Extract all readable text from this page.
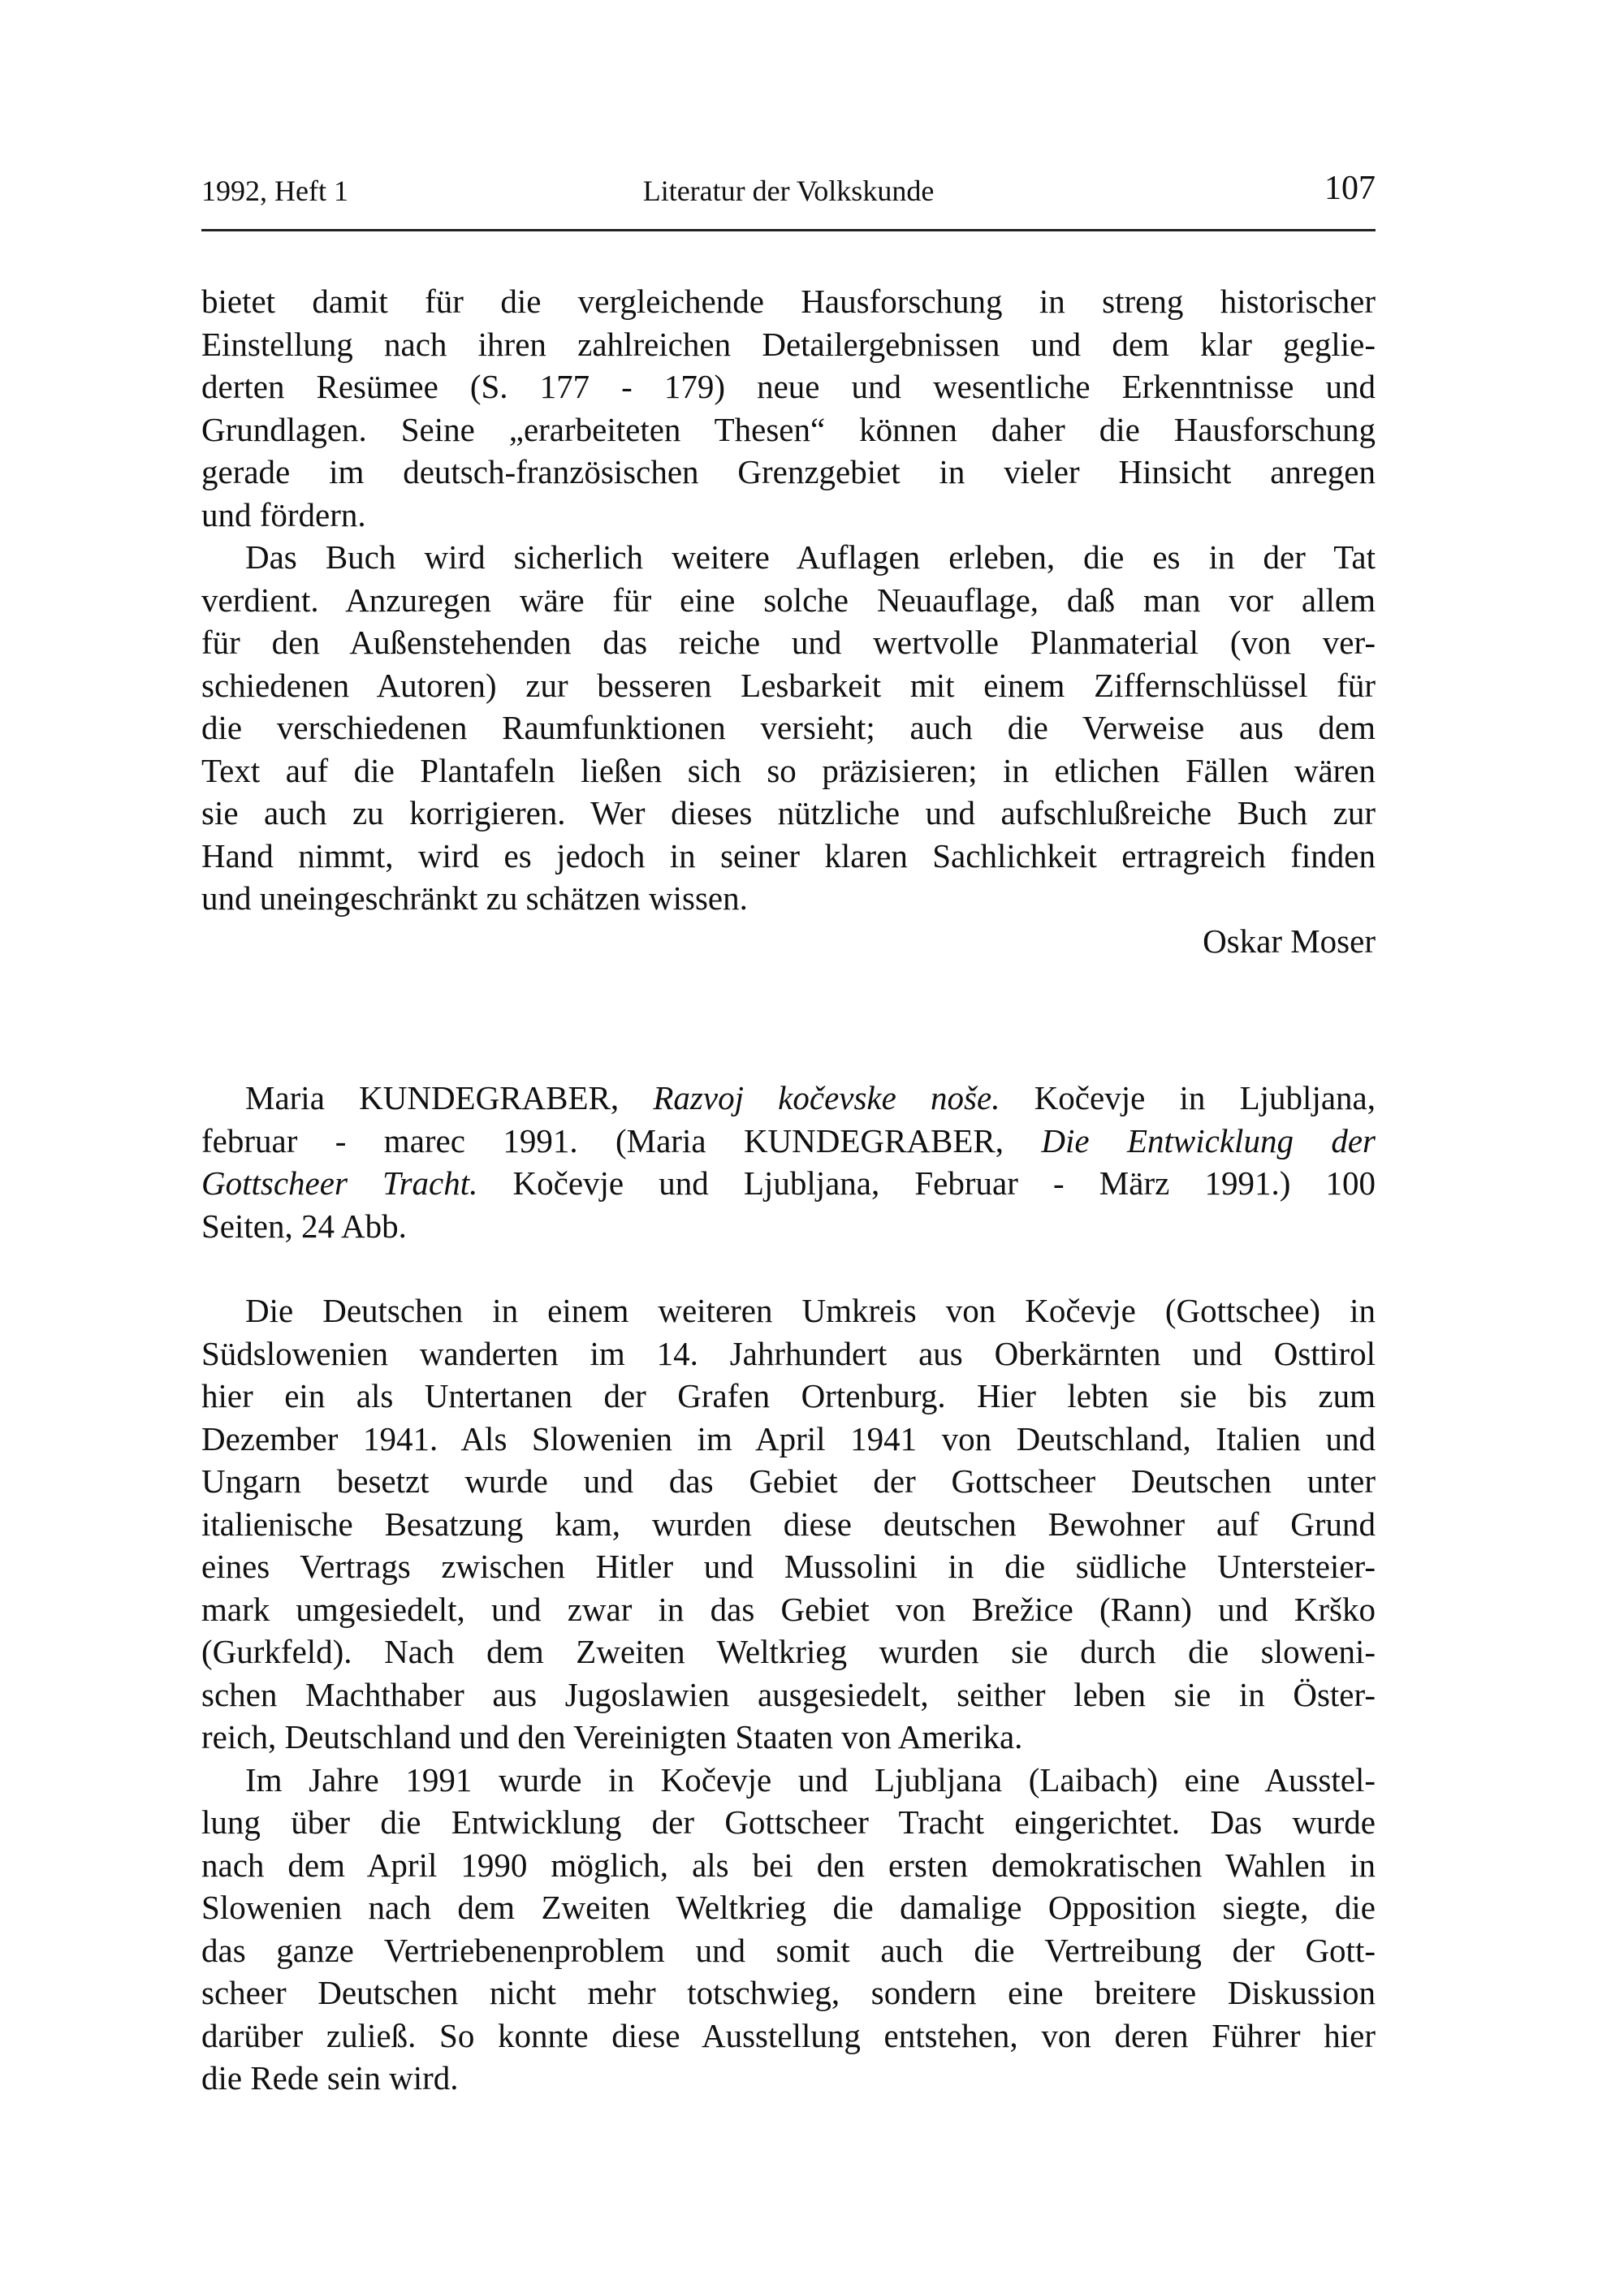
1992, Heft 1	Literatur der Volkskunde	107
bietet damit für die vergleichende Hausforschung in streng historischer
Einstellung nach ihren zahlreichen Detailergebnissen und dem klar geglie-
derten Resümee (S. 177 - 179) neue und wesentliche Erkenntnisse und
Grundlagen. Seine „erarbeiteten Thesen“ können daher die Hausforschung
gerade im deutsch-französischen Grenzgebiet in vieler Hinsicht anregen
und fördern.
Das Buch wird sicherlich weitere Auflagen erleben, die es in der Tat
verdient. Anzuregen wäre für eine solche Neuauflage, daß man vor allem
für den Außenstehenden das reiche und wertvolle Planmaterial (von ver-
schiedenen Autoren) zur besseren Lesbarkeit mit einem Ziffernschlüssel für
die verschiedenen Raumfunktionen versieht; auch die Verweise aus dem
Text auf die Plantafeln ließen sich so präzisieren; in etlichen Fällen wären
sie auch zu korrigieren. Wer dieses nützliche und aufschlußreiche Buch zur
Hand nimmt, wird es jedoch in seiner klaren Sachlichkeit ertragreich finden
und uneingeschränkt zu schätzen wissen.
Oskar Moser
Maria KUNDEGRABER, Razvoj kočevske noše. Kočevje in Ljubljana,
februar - marec 1991. (Maria KUNDEGRABER, Die Entwicklung der
Gottscheer Tracht. Kočevje und Ljubljana, Februar - März 1991.) 100
Seiten, 24 Abb.
Die Deutschen in einem weiteren Umkreis von Kočevje (Gottschee) in
Südslowenien wanderten im 14. Jahrhundert aus Oberkärnten und Osttirol
hier ein als Untertanen der Grafen Ortenburg. Hier lebten sie bis zum
Dezember 1941. Als Slowenien im April 1941 von Deutschland, Italien und
Ungarn besetzt wurde und das Gebiet der Gottscheer Deutschen unter
italienische Besatzung kam, wurden diese deutschen Bewohner auf Grund
eines Vertrags zwischen Hitler und Mussolini in die südliche Untersteier-
mark umgesiedelt, und zwar in das Gebiet von Brežice (Rann) und Krško
(Gurkfeld). Nach dem Zweiten Weltkrieg wurden sie durch die sloweni-
schen Machthaber aus Jugoslawien ausgesiedelt, seither leben sie in Öster-
reich, Deutschland und den Vereinigten Staaten von Amerika.
Im Jahre 1991 wurde in Kočevje und Ljubljana (Laibach) eine Ausstel-
lung über die Entwicklung der Gottscheer Tracht eingerichtet. Das wurde
nach dem April 1990 möglich, als bei den ersten demokratischen Wahlen in
Slowenien nach dem Zweiten Weltkrieg die damalige Opposition siegte, die
das ganze Vertriebenenproblem und somit auch die Vertreibung der Gott-
scheer Deutschen nicht mehr totschwieg, sondern eine breitere Diskussion
darüber zuließ. So konnte diese Ausstellung entstehen, von deren Führer hier
die Rede sein wird.
